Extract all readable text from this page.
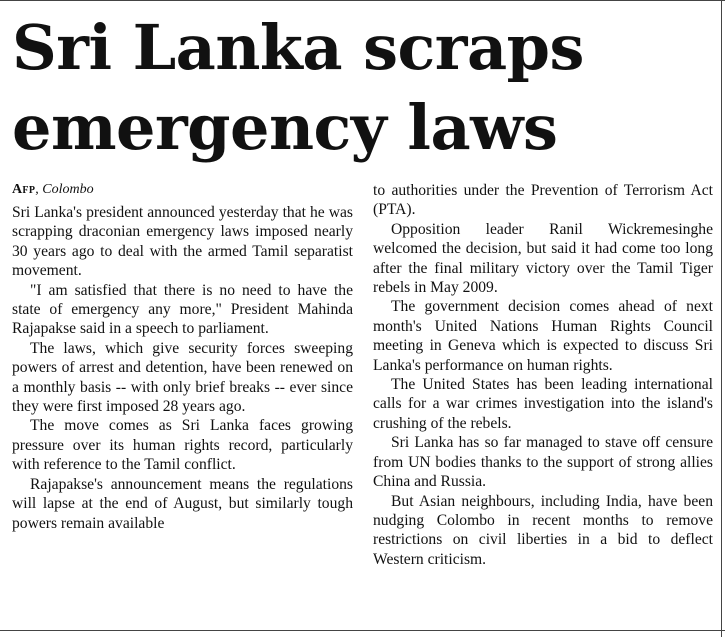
Sri Lanka scraps
emergency laws
Afp, Colombo

Sri Lanka's president announced yesterday that he was scrapping draconian emergency laws imposed nearly 30 years ago to deal with the armed Tamil separatist movement.

"I am satisfied that there is no need to have the state of emergency any more," President Mahinda Rajapakse said in a speech to parliament.

The laws, which give security forces sweeping powers of arrest and detention, have been renewed on a monthly basis -- with only brief breaks -- ever since they were first imposed 28 years ago.

The move comes as Sri Lanka faces growing pressure over its human rights record, particularly with reference to the Tamil conflict.

Rajapakse's announcement means the regulations will lapse at the end of August, but similarly tough powers remain available

to authorities under the Prevention of Terrorism Act (PTA).

Opposition leader Ranil Wickremesinghe welcomed the decision, but said it had come too long after the final military victory over the Tamil Tiger rebels in May 2009.

The government decision comes ahead of next month's United Nations Human Rights Council meeting in Geneva which is expected to discuss Sri Lanka's performance on human rights.

The United States has been leading international calls for a war crimes investigation into the island's crushing of the rebels.

Sri Lanka has so far managed to stave off censure from UN bodies thanks to the support of strong allies China and Russia.

But Asian neighbours, including India, have been nudging Colombo in recent months to remove restrictions on civil liberties in a bid to deflect Western criticism.
